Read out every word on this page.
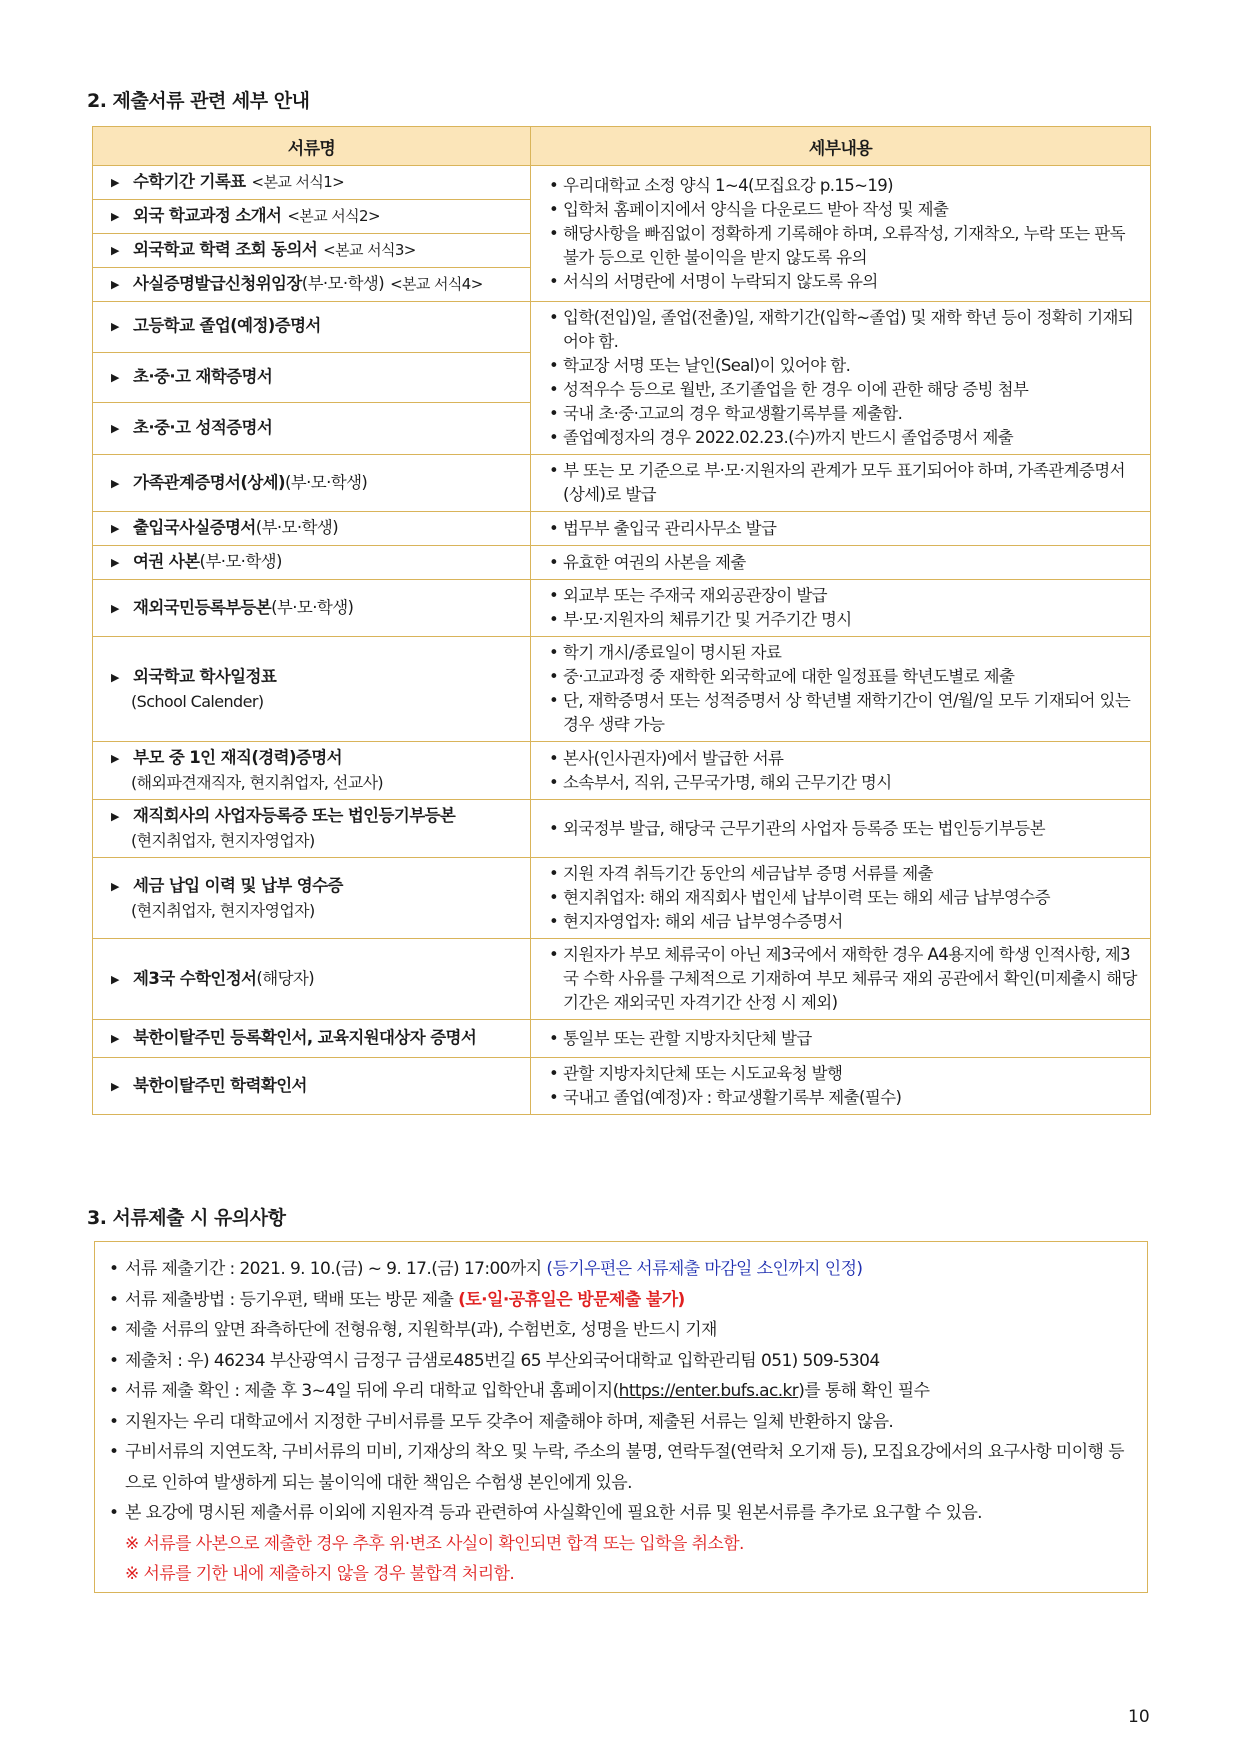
2. 제출서류 관련 세부 안내
서류명	세부내용

▶ 수학기간 기록표 <본교 서식1>	• 우리대학교 소정 양식 1~4(모집요강 p.15~19)
• 입학처 홈페이지에서 양식을 다운로드 받아 작성 및 제출
• 해당사항을 빠짐없이 정확하게 기록해야 하며, 오류작성, 기재착오, 누락 또는 판독불가 등으로 인한 불이익을 받지 않도록 유의
• 서식의 서명란에 서명이 누락되지 않도록 유의

▶ 외국 학교과정 소개서 <본교 서식2>	

▶ 외국학교 학력 조회 동의서 <본교 서식3>	

▶ 사실증명발급신청위임장(부·모·학생) <본교 서식4>	

▶ 고등학교 졸업(예정)증명서	• 입학(전입)일, 졸업(전출)일, 재학기간(입학~졸업) 및 재학 학년 등이 정확히 기재되어야 함.
• 학교장 서명 또는 날인(Seal)이 있어야 함.
• 성적우수 등으로 월반, 조기졸업을 한 경우 이에 관한 해당 증빙 첨부
• 국내 초·중·고교의 경우 학교생활기록부를 제출함.
• 졸업예정자의 경우 2022.02.23.(수)까지 반드시 졸업증명서 제출

▶ 초·중·고 재학증명서	

▶ 초·중·고 성적증명서	

▶ 가족관계증명서(상세)(부·모·학생)	• 부 또는 모 기준으로 부·모·지원자의 관계가 모두 표기되어야 하며, 가족관계증명서(상세)로 발급

▶ 출입국사실증명서(부·모·학생)	• 법무부 출입국 관리사무소 발급

▶ 여권 사본(부·모·학생)	• 유효한 여권의 사본을 제출

▶ 재외국민등록부등본(부·모·학생)	• 외교부 또는 주재국 재외공관장이 발급
• 부·모·지원자의 체류기간 및 거주기간 명시

▶ 외국학교 학사일정표
(School Calender)	• 학기 개시/종료일이 명시된 자료
• 중·고교과정 중 재학한 외국학교에 대한 일정표를 학년도별로 제출
• 단, 재학증명서 또는 성적증명서 상 학년별 재학기간이 연/월/일 모두 기재되어 있는 경우 생략 가능

▶ 부모 중 1인 재직(경력)증명서
(해외파견재직자, 현지취업자, 선교사)	• 본사(인사권자)에서 발급한 서류
• 소속부서, 직위, 근무국가명, 해외 근무기간 명시

▶ 재직회사의 사업자등록증 또는 법인등기부등본
(현지취업자, 현지자영업자)	• 외국정부 발급, 해당국 근무기관의 사업자 등록증 또는 법인등기부등본

▶ 세금 납입 이력 및 납부 영수증
(현지취업자, 현지자영업자)	• 지원 자격 취득기간 동안의 세금납부 증명 서류를 제출
• 현지취업자: 해외 재직회사 법인세 납부이력 또는 해외 세금 납부영수증
• 현지자영업자: 해외 세금 납부영수증명서

▶ 제3국 수학인정서(해당자)	• 지원자가 부모 체류국이 아닌 제3국에서 재학한 경우 A4용지에 학생 인적사항, 제3국 수학 사유를 구체적으로 기재하여 부모 체류국 재외 공관에서 확인(미제출시 해당기간은 재외국민 자격기간 산정 시 제외)

▶ 북한이탈주민 등록확인서, 교육지원대상자 증명서	• 통일부 또는 관할 지방자치단체 발급

▶ 북한이탈주민 학력확인서	• 관할 지방자치단체 또는 시도교육청 발행
• 국내고 졸업(예정)자 : 학교생활기록부 제출(필수)
3. 서류제출 시 유의사항
• 서류 제출기간 : 2021. 9. 10.(금) ~ 9. 17.(금) 17:00까지 (등기우편은 서류제출 마감일 소인까지 인정)
• 서류 제출방법 : 등기우편, 택배 또는 방문 제출 (토·일·공휴일은 방문제출 불가)
• 제출 서류의 앞면 좌측하단에 전형유형, 지원학부(과), 수험번호, 성명을 반드시 기재
• 제출처 : 우) 46234 부산광역시 금정구 금샘로485번길 65 부산외국어대학교 입학관리팀 051) 509-5304
• 서류 제출 확인 : 제출 후 3~4일 뒤에 우리 대학교 입학안내 홈페이지(https://enter.bufs.ac.kr)를 통해 확인 필수
• 지원자는 우리 대학교에서 지정한 구비서류를 모두 갖추어 제출해야 하며, 제출된 서류는 일체 반환하지 않음.
• 구비서류의 지연도착, 구비서류의 미비, 기재상의 착오 및 누락, 주소의 불명, 연락두절(연락처 오기재 등), 모집요강에서의 요구사항 미이행 등으로 인하여 발생하게 되는 불이익에 대한 책임은 수험생 본인에게 있음.
• 본 요강에 명시된 제출서류 이외에 지원자격 등과 관련하여 사실확인에 필요한 서류 및 원본서류를 추가로 요구할 수 있음.
※ 서류를 사본으로 제출한 경우 추후 위·변조 사실이 확인되면 합격 또는 입학을 취소함.
※ 서류를 기한 내에 제출하지 않을 경우 불합격 처리함.
10
